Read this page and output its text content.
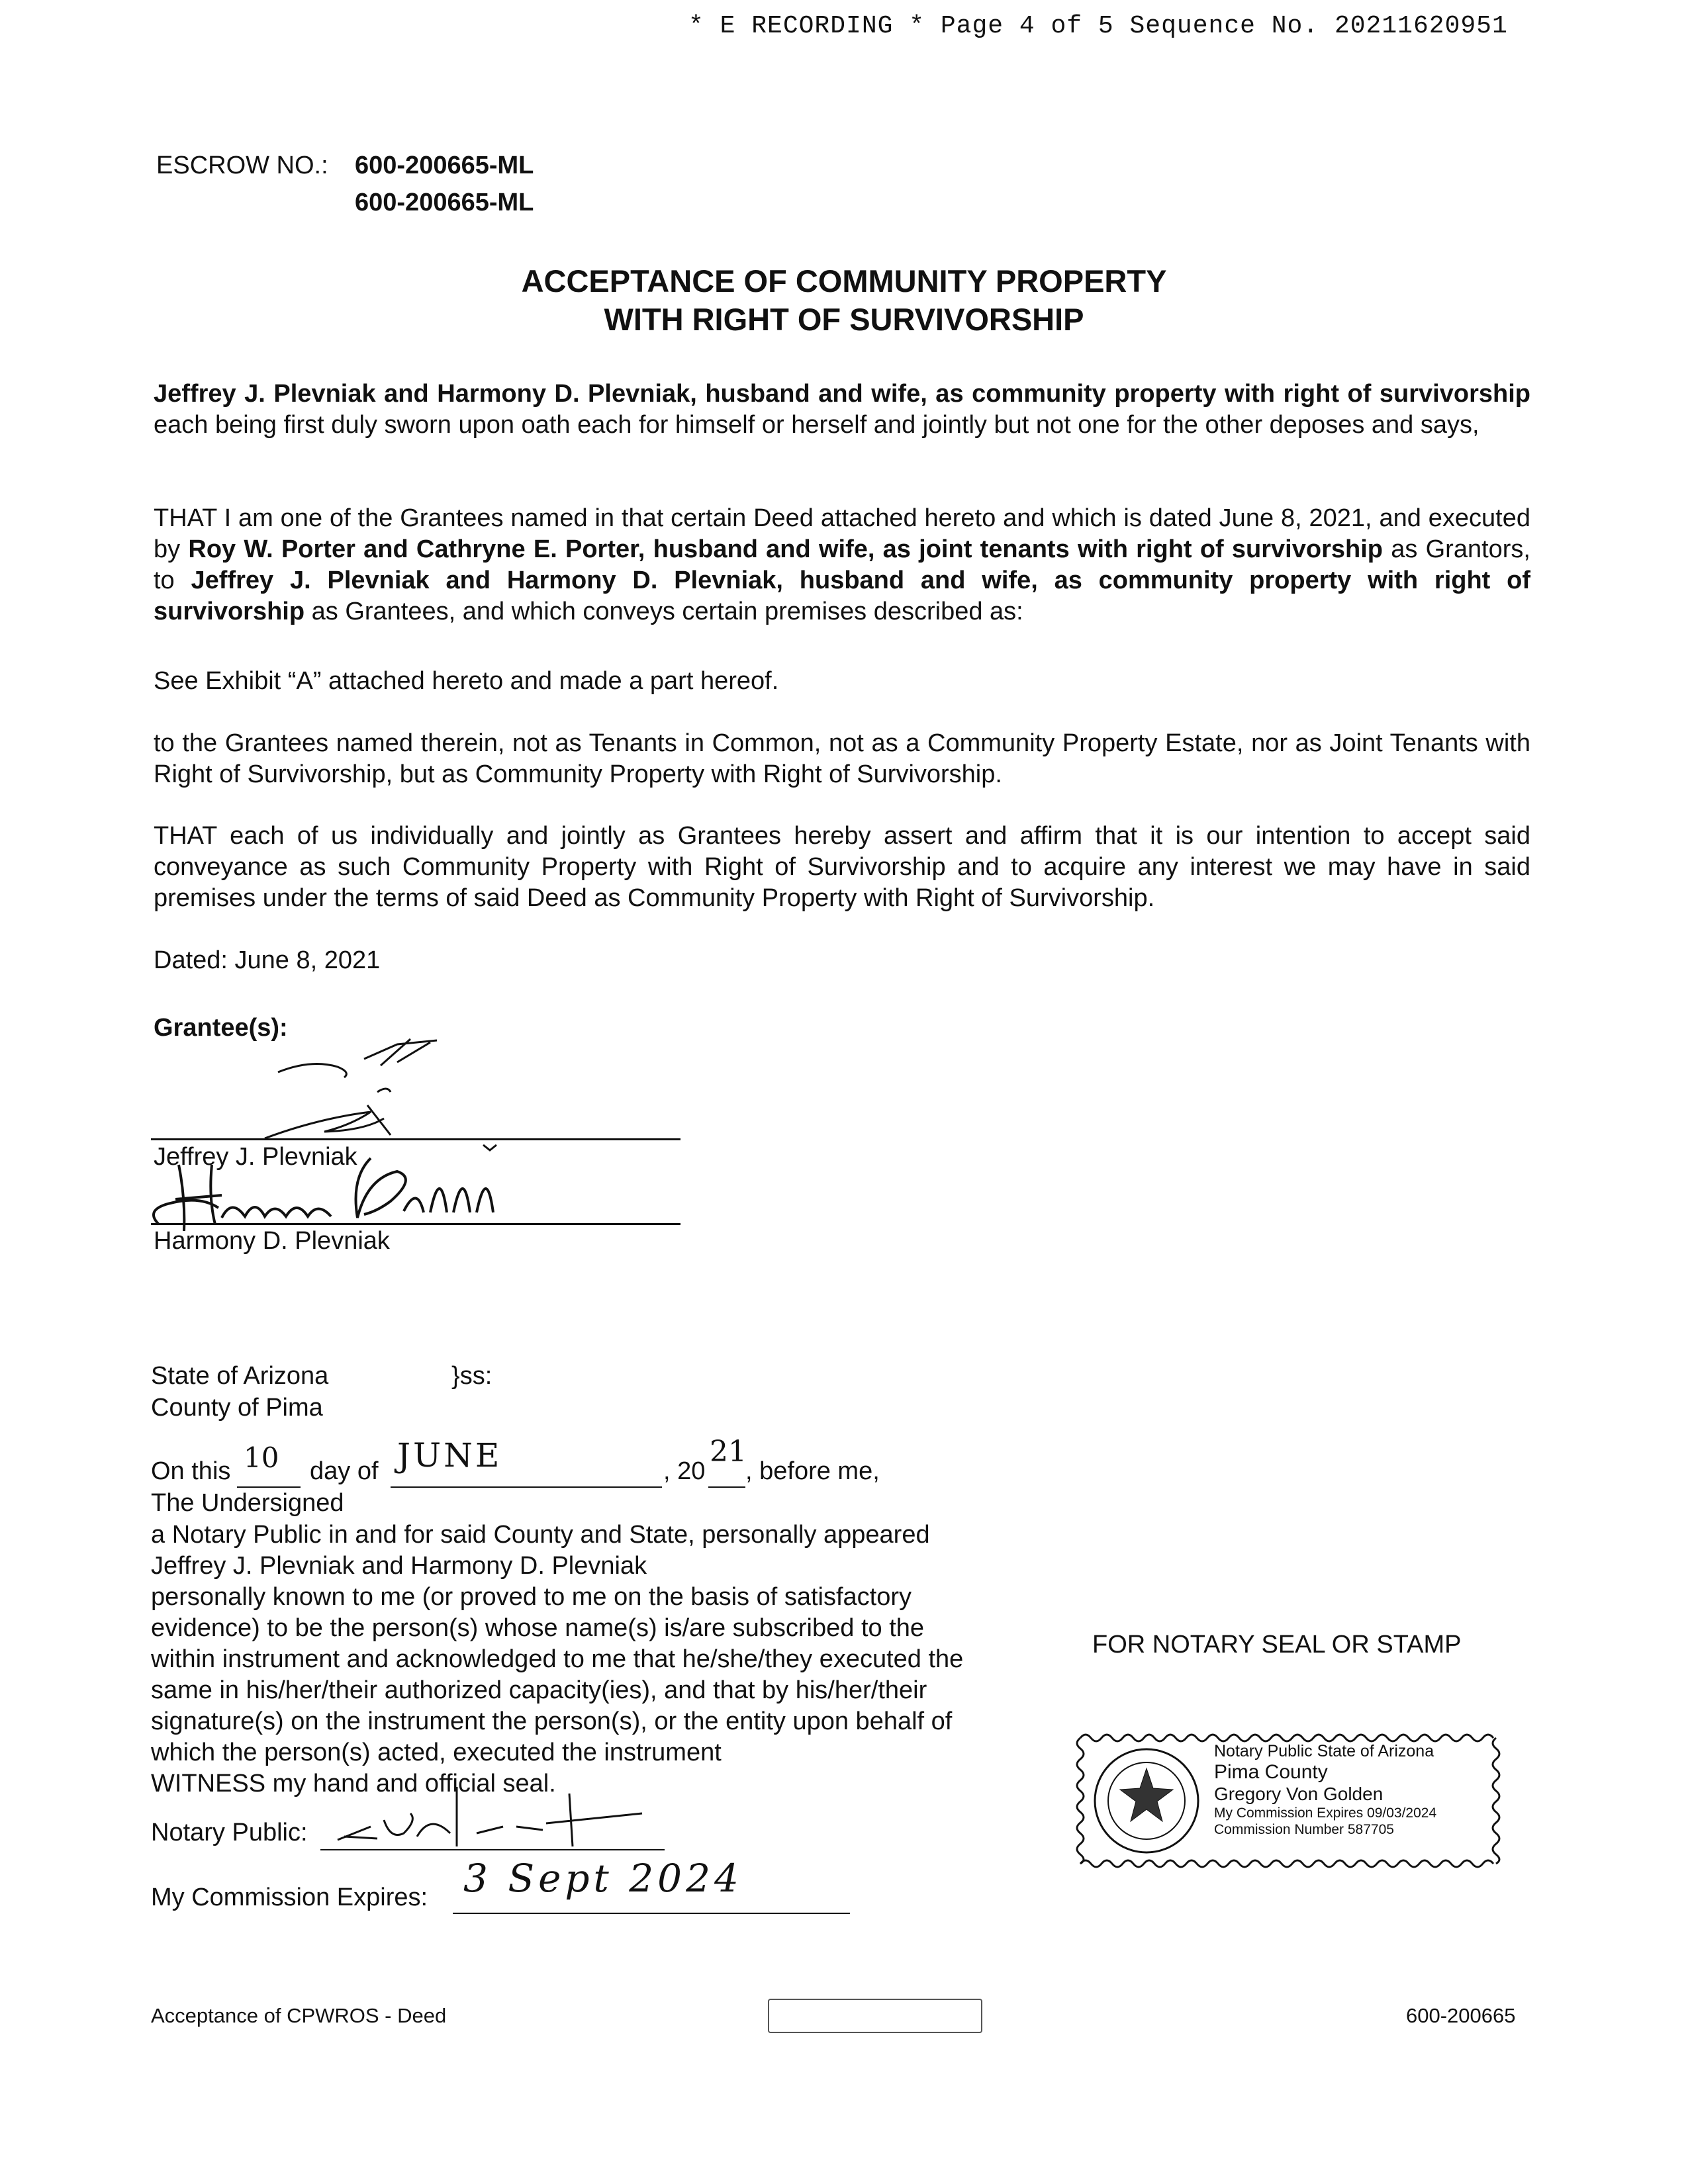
* E RECORDING * Page 4 of 5 Sequence No. 20211620951
ESCROW NO.: 600-200665-ML
600-200665-ML
ACCEPTANCE OF COMMUNITY PROPERTY
WITH RIGHT OF SURVIVORSHIP
Jeffrey J. Plevniak and Harmony D. Plevniak, husband and wife, as community property with right of survivorship each being first duly sworn upon oath each for himself or herself and jointly but not one for the other deposes and says,
THAT I am one of the Grantees named in that certain Deed attached hereto and which is dated June 8, 2021, and executed by Roy W. Porter and Cathryne E. Porter, husband and wife, as joint tenants with right of survivorship as Grantors, to Jeffrey J. Plevniak and Harmony D. Plevniak, husband and wife, as community property with right of survivorship as Grantees, and which conveys certain premises described as:
See Exhibit “A” attached hereto and made a part hereof.
to the Grantees named therein, not as Tenants in Common, not as a Community Property Estate, nor as Joint Tenants with Right of Survivorship, but as Community Property with Right of Survivorship.
THAT each of us individually and jointly as Grantees hereby assert and affirm that it is our intention to accept said conveyance as such Community Property with Right of Survivorship and to acquire any interest we may have in said premises under the terms of said Deed as Community Property with Right of Survivorship.
Dated: June 8, 2021
Grantee(s):
Jeffrey J. Plevniak
Harmony D. Plevniak
State of Arizona	}ss:
County of Pima
On this 10 day of JUNE	, 20
21
, before me,
The Undersigned
a Notary Public in and for said County and State, personally appeared
Jeffrey J. Plevniak and Harmony D. Plevniak
personally known to me (or proved to me on the basis of satisfactory
evidence) to be the person(s) whose name(s) is/are subscribed to the
within instrument and acknowledged to me that he/she/they executed the
same in his/her/their authorized capacity(ies), and that by his/her/their
signature(s) on the instrument the person(s), or the entity upon behalf of
which the person(s) acted, executed the instrument
WITNESS my hand and official seal.
Notary Public:
My Commission Expires: 3 Sept 2024
FOR NOTARY SEAL OR STAMP
Notary Public State of Arizona
Pima County
Gregory Von Golden
My Commission Expires 09/03/2024
Commission Number 587705
Acceptance of CPWROS - Deed	600-200665
